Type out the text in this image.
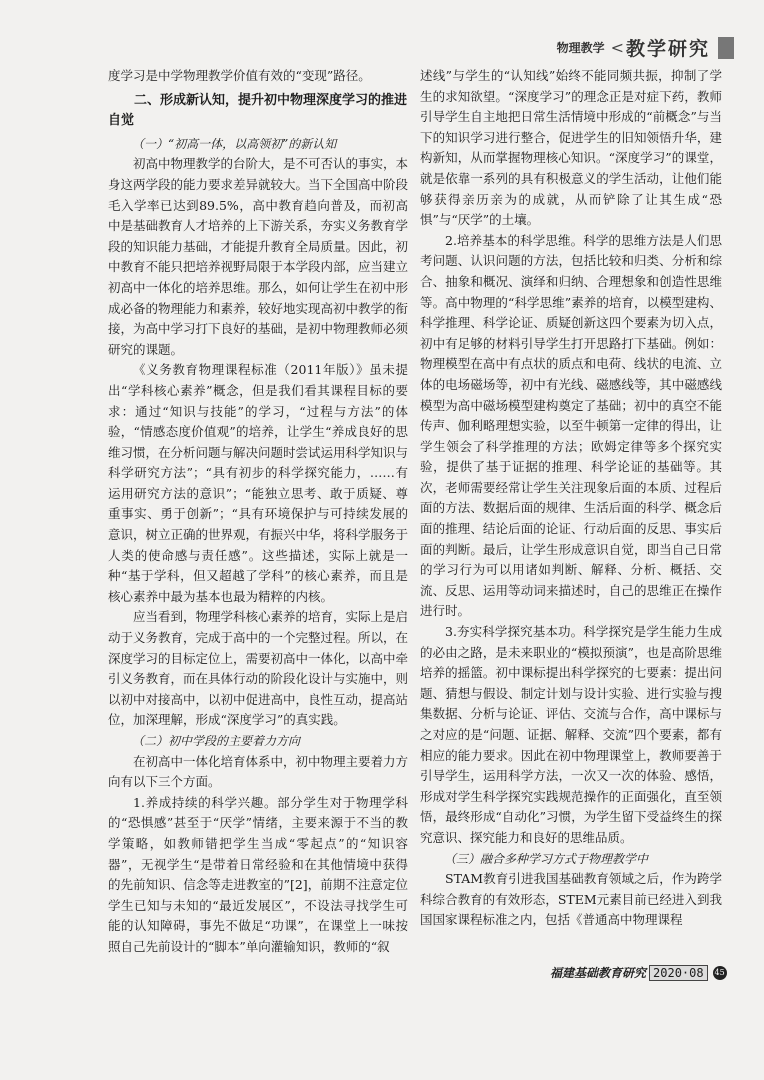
物理教学 < 教学研究

度学习是中学物理教学价值有效的“变现”路径。

二、形成新认知，提升初中物理深度学习的推进自觉
（一）“初高一体，以高领初”的新认知

初高中物理教学的台阶大，是不可否认的事实，本身这两学段的能力要求差异就较大。当下全国高中阶段毛入学率已达到89.5%，高中教育趋向普及，而初高中是基础教育人才培养的上下游关系，夯实义务教育学段的知识能力基础，才能提升教育全局质量。因此，初中教育不能只把培养视野局限于本学段内部，应当建立初高中一体化的培养思维。那么，如何让学生在初中形成必备的物理能力和素养，较好地实现高初中教学的衔接，为高中学习打下良好的基础，是初中物理教师必须研究的课题。

《义务教育物理课程标准（2011年版）》虽未提出“学科核心素养”概念，但是我们看其课程目标的要求：通过“知识与技能”的学习，“过程与方法”的体验，“情感态度价值观”的培养，让学生“养成良好的思维习惯，在分析问题与解决问题时尝试运用科学知识与科学研究方法”；“具有初步的科学探究能力，……有运用研究方法的意识”；“能独立思考、敢于质疑、尊重事实、勇于创新”；“具有环境保护与可持续发展的意识，树立正确的世界观，有振兴中华，将科学服务于人类的使命感与责任感”。这些描述，实际上就是一种“基于学科，但又超越了学科”的核心素养，而且是核心素养中最为基本也最为精粹的内核。

应当看到，物理学科核心素养的培育，实际上是启动于义务教育，完成于高中的一个完整过程。所以，在深度学习的目标定位上，需要初高中一体化，以高中牵引义务教育，而在具体行动的阶段化设计与实施中，则以初中对接高中，以初中促进高中，良性互动，提高站位，加深理解，形成“深度学习”的真实践。

（二）初中学段的主要着力方向

在初高中一体化培育体系中，初中物理主要着力方向有以下三个方面。

1.养成持续的科学兴趣。部分学生对于物理学科的“恐惧感”甚至于“厌学”情绪，主要来源于不当的教学策略，如教师错把学生当成“零起点”的“知识容器”，无视学生“是带着日常经验和在其他情境中获得的先前知识、信念等走进教室的”[2]，前期不注意定位学生已知与未知的“最近发展区”，不设法寻找学生可能的认知障碍，事先不做足“功课”，在课堂上一味按照自己先前设计的“脚本”单向灌输知识，教师的“叙

述线”与学生的“认知线”始终不能同频共振，抑制了学生的求知欲望。“深度学习”的理念正是对症下药，教师引导学生自主地把日常生活情境中形成的“前概念”与当下的知识学习进行整合，促进学生的旧知领悟升华，建构新知，从而掌握物理核心知识。“深度学习”的课堂，就是依靠一系列的具有积极意义的学生活动，让他们能够获得亲历亲为的成就，从而铲除了让其生成“恐惧”与“厌学”的土壤。

2.培养基本的科学思维。科学的思维方法是人们思考问题、认识问题的方法，包括比较和归类、分析和综合、抽象和概况、演绎和归纳、合理想象和创造性思维等。高中物理的“科学思维”素养的培育，以模型建构、科学推理、科学论证、质疑创新这四个要素为切入点，初中有足够的材料引导学生打开思路打下基础。例如：物理模型在高中有点状的质点和电荷、线状的电流、立体的电场磁场等，初中有光线、磁感线等，其中磁感线模型为高中磁场模型建构奠定了基础；初中的真空不能传声、伽利略理想实验，以至牛顿第一定律的得出，让学生领会了科学推理的方法；欧姆定律等多个探究实验，提供了基于证据的推理、科学论证的基础等。其次，老师需要经常让学生关注现象后面的本质、过程后面的方法、数据后面的规律、生活后面的科学、概念后面的推理、结论后面的论证、行动后面的反思、事实后面的判断。最后，让学生形成意识自觉，即当自己日常的学习行为可以用诸如判断、解释、分析、概括、交流、反思、运用等动词来描述时，自己的思维正在操作进行时。

3.夯实科学探究基本功。科学探究是学生能力生成的必由之路，是未来职业的“模拟预演”，也是高阶思维培养的摇篮。初中课标提出科学探究的七要素：提出问题、猜想与假设、制定计划与设计实验、进行实验与搜集数据、分析与论证、评估、交流与合作，高中课标与之对应的是“问题、证据、解释、交流”四个要素，都有相应的能力要求。因此在初中物理课堂上，教师要善于引导学生，运用科学方法，一次又一次的体验、感悟，形成对学生科学探究实践规范操作的正面强化，直至领悟，最终形成“自动化”习惯，为学生留下受益终生的探究意识、探究能力和良好的思维品质。

（三）融合多种学习方式于物理教学中

STAM教育引进我国基础教育领域之后，作为跨学科综合教育的有效形态，STEM元素目前已经进入到我国国家课程标准之内，包括《普通高中物理课程

福建基础教育研究 2020·08	45
